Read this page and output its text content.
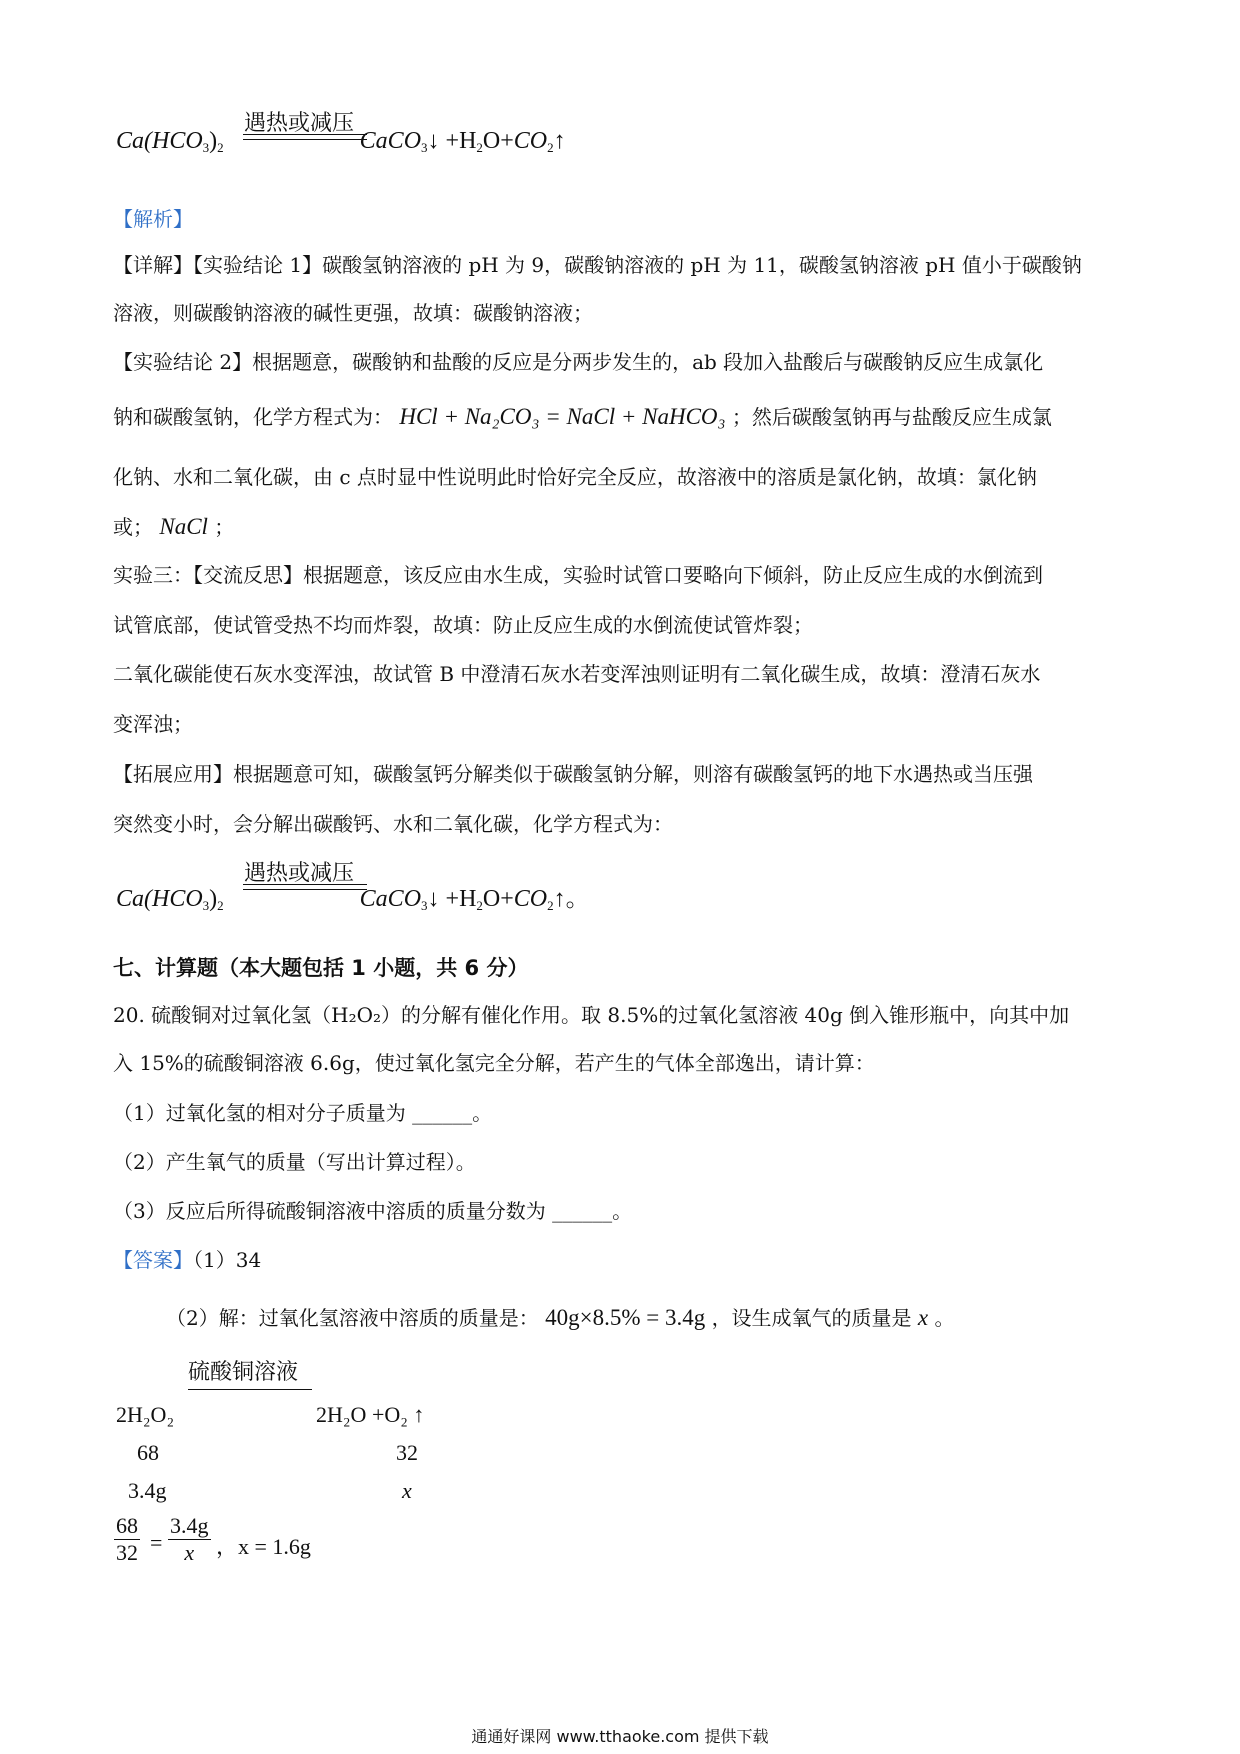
遇热或减压
$Ca(HCO_3)_2$	CaCO$_3$↓ $+H_2O+CO_2↑$
【解析】
【详解】【实验结论 1】碳酸氢钠溶液的 pH 为 9，碳酸钠溶液的 pH 为 11，碳酸氢钠溶液 pH 值小于碳酸钠
溶液，则碳酸钠溶液的碱性更强，故填：碳酸钠溶液；
【实验结论 2】根据题意，碳酸钠和盐酸的反应是分两步发生的，ab 段加入盐酸后与碳酸钠反应生成氯化
钠和碳酸氢钠，化学方程式为： HCl + Na₂CO₃ = NaCl + NaHCO₃ ；然后碳酸氢钠再与盐酸反应生成氯
化钠、水和二氧化碳，由 c 点时显中性说明此时恰好完全反应，故溶液中的溶质是氯化钠，故填：氯化钠
或； NaCl ；
实验三：【交流反思】根据题意，该反应由水生成，实验时试管口要略向下倾斜，防止反应生成的水倒流到
试管底部，使试管受热不均而炸裂，故填：防止反应生成的水倒流使试管炸裂；
二氧化碳能使石灰水变浑浊，故试管 B 中澄清石灰水若变浑浊则证明有二氧化碳生成，故填：澄清石灰水
变浑浊；
【拓展应用】根据题意可知，碳酸氢钙分解类似于碳酸氢钠分解，则溶有碳酸氢钙的地下水遇热或当压强
突然变小时，会分解出碳酸钙、水和二氧化碳，化学方程式为：
遇热或减压
$Ca(HCO_3)_2$	CaCO$_3$↓ $+H_2O+CO_2↑$。
七、计算题（本大题包括 1 小题，共 6 分）
20. 硫酸铜对过氧化氢（H₂O₂）的分解有催化作用。取 8.5%的过氧化氢溶液 40g 倒入锥形瓶中，向其中加
入 15%的硫酸铜溶液 6.6g，使过氧化氢完全分解，若产生的气体全部逸出，请计算：
（1）过氧化氢的相对分子质量为 ______。
（2）产生氧气的质量（写出计算过程）。
（3）反应后所得硫酸铜溶液中溶质的质量分数为 ______。
【答案】（1）34
（2）解：过氧化氢溶液中溶质的质量是： 40g×8.5% = 3.4g ，设生成氧气的质量是 x 。
硫酸铜溶液
2H₂O₂	2H₂O +O₂ ↑
68	32
3.4g	x
$\frac{68}{32} = \frac{3.4g}{x}$ ，x = 1.6g
通通好课网 www.tthaoke.com 提供下载
